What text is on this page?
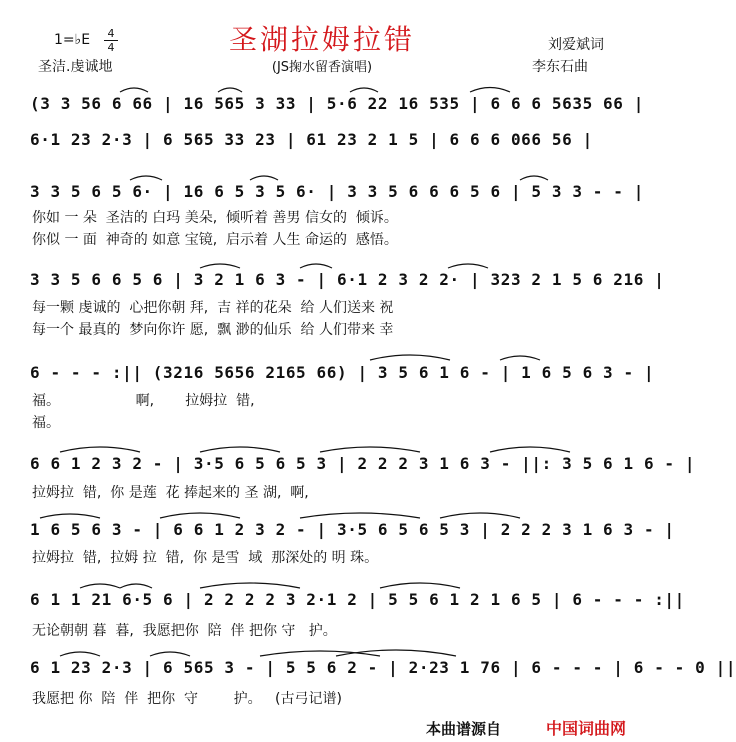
圣湖拉姆拉错
1=♭E	4
4
圣洁.虔诚地	(JS掬水留香演唱)
刘爱斌词
李东石曲
(3 3 56 6 66 | 16 565 3 33 | 5·6 22 16 535 | 6 6 6 5635 66 |
6·1 23 2·3 | 6 565 33 23 | 61 23 2 1 5 | 6 6 6 066 56 |
3 3 5 6 5 6· | 16 6 5 3 5 6· | 3 3 5 6 6 6 5 6 | 5 3 3 - - |
你如 一 朵  圣洁的 白玛 美朵,  倾听着 善男 信女的  倾诉。
你似 一 面  神奇的 如意 宝镜,  启示着 人生 命运的  感悟。
3 3 5 6 6 5 6 | 3 2 1 6 3 - | 6·1 2 3 2 2· | 323 2 1 5 6 216 |
每一颗 虔诚的  心把你朝 拜,  吉 祥的花朵  给 人们送来 祝
每一个 最真的  梦向你许 愿,  飘 渺的仙乐  给 人们带来 幸
6 - - - :|| (3216 5656 2165 66) | 3 5 6 1 6 - | 1 6 5 6 3 - |
福。                 啊,       拉姆拉  错,
福。
6 6 1 2 3 2 - | 3·5 6 5 6 5 3 | 2 2 2 3 1 6 3 - ||: 3 5 6 1 6 - |
拉姆拉  错,  你 是莲  花 捧起来的 圣 湖,  啊,
1 6 5 6 3 - | 6 6 1 2 3 2 - | 3·5 6 5 6 5 3 | 2 2 2 3 1 6 3 - |
拉姆拉  错,  拉姆 拉  错,  你 是雪  域  那深处的 明 珠。
6 1 1 21 6·5 6 | 2 2 2 2 3 2·1 2 | 5 5 6 1 2 1 6 5 | 6 - - - :||
无论朝朝 暮  暮,  我愿把你  陪  伴 把你 守   护。
6 1 23 2·3 | 6 565 3 - | 5 5 6 2 - | 2·23 1 76 | 6 - - - | 6 - - 0 ||
我愿把 你  陪  伴  把你  守        护。   (古弓记谱)
本曲谱源自	中国词曲网
